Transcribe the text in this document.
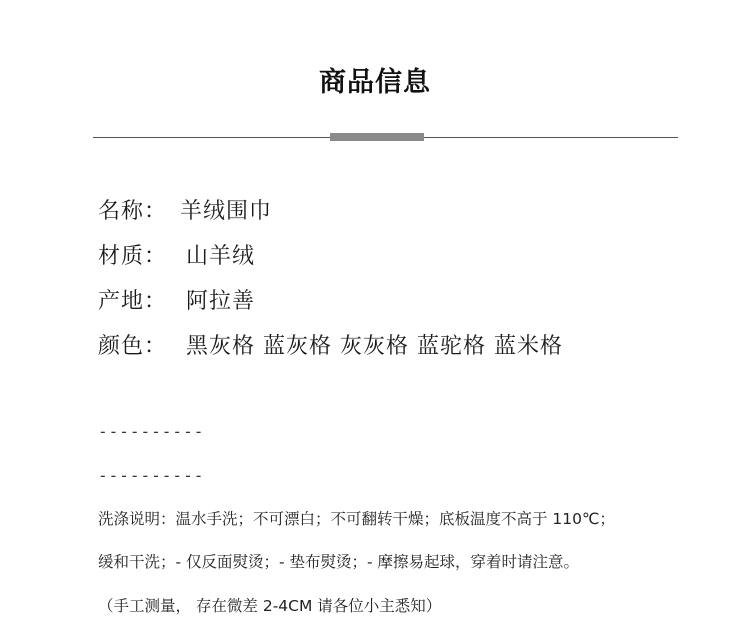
商品信息
名称： 羊绒围巾
材质： 山羊绒
产地： 阿拉善
颜色： 黑灰格 蓝灰格 灰灰格 蓝驼格 蓝米格
----------
----------
洗涤说明：温水手洗；不可漂白；不可翻转干燥；底板温度不高于 110℃；
缓和干洗；- 仅反面熨烫；- 垫布熨烫；- 摩擦易起球，穿着时请注意。
（手工测量， 存在微差 2-4CM 请各位小主悉知）
